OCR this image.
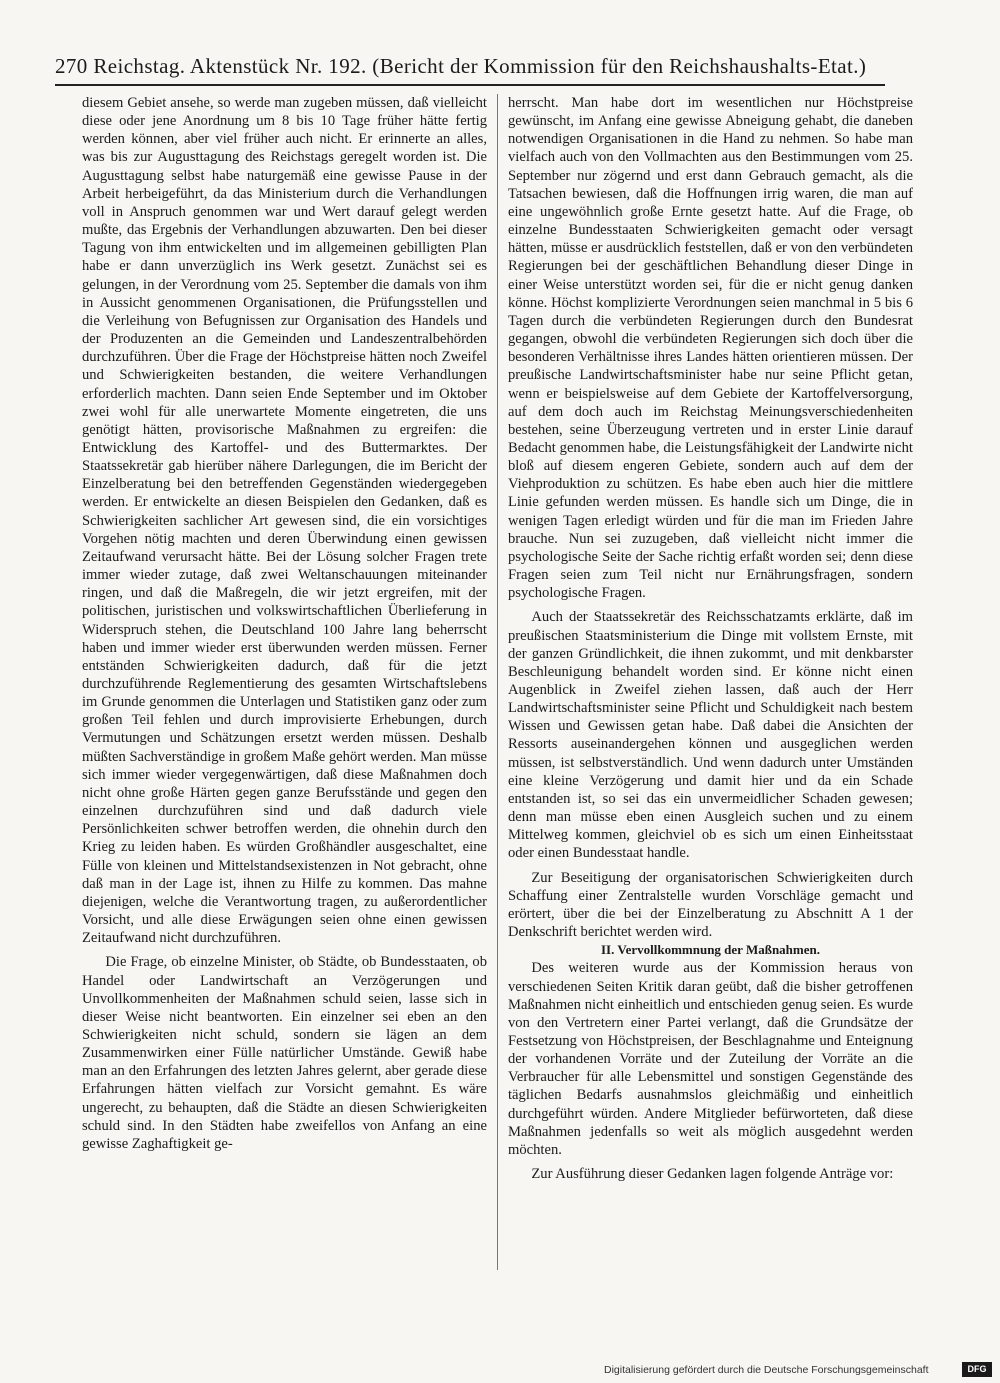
270 Reichstag. Aktenstück Nr. 192. (Bericht der Kommission für den Reichshaushalts-Etat.)

diesem Gebiet ansehe, so werde man zugeben müssen, daß vielleicht diese oder jene Anordnung um 8 bis 10 Tage früher hätte fertig werden können, aber viel früher auch nicht. Er erinnerte an alles, was bis zur Augusttagung des Reichstags geregelt worden ist. Die Augusttagung selbst habe naturgemäß eine gewisse Pause in der Arbeit herbeigeführt, da das Ministerium durch die Verhandlungen voll in Anspruch genommen war und Wert darauf gelegt werden mußte, das Ergebnis der Verhandlungen abzuwarten. Den bei dieser Tagung von ihm entwickelten und im allgemeinen gebilligten Plan habe er dann unverzüglich ins Werk gesetzt. Zunächst sei es gelungen, in der Verordnung vom 25. September die damals von ihm in Aussicht genommenen Organisationen, die Prüfungsstellen und die Verleihung von Befugnissen zur Organisation des Handels und der Produzenten an die Gemeinden und Landeszentralbehörden durchzuführen. Über die Frage der Höchstpreise hätten noch Zweifel und Schwierigkeiten bestanden, die weitere Verhandlungen erforderlich machten. Dann seien Ende September und im Oktober zwei wohl für alle unerwartete Momente eingetreten, die uns genötigt hätten, provisorische Maßnahmen zu ergreifen: die Entwicklung des Kartoffel- und des Buttermarktes. Der Staatssekretär gab hierüber nähere Darlegungen, die im Bericht der Einzelberatung bei den betreffenden Gegenständen wiedergegeben werden. Er entwickelte an diesen Beispielen den Gedanken, daß es Schwierigkeiten sachlicher Art gewesen sind, die ein vorsichtiges Vorgehen nötig machten und deren Überwindung einen gewissen Zeitaufwand verursacht hätte. Bei der Lösung solcher Fragen trete immer wieder zutage, daß zwei Weltanschauungen miteinander ringen, und daß die Maßregeln, die wir jetzt ergreifen, mit der politischen, juristischen und volkswirtschaftlichen Überlieferung in Widerspruch stehen, die Deutschland 100 Jahre lang beherrscht haben und immer wieder erst überwunden werden müssen. Ferner entständen Schwierigkeiten dadurch, daß für die jetzt durchzuführende Reglementierung des gesamten Wirtschaftslebens im Grunde genommen die Unterlagen und Statistiken ganz oder zum großen Teil fehlen und durch improvisierte Erhebungen, durch Vermutungen und Schätzungen ersetzt werden müssen. Deshalb müßten Sachverständige in großem Maße gehört werden. Man müsse sich immer wieder vergegenwärtigen, daß diese Maßnahmen doch nicht ohne große Härten gegen ganze Berufsstände und gegen den einzelnen durchzuführen sind und daß dadurch viele Persönlichkeiten schwer betroffen werden, die ohnehin durch den Krieg zu leiden haben. Es würden Großhändler ausgeschaltet, eine Fülle von kleinen und Mittelstandsexistenzen in Not gebracht, ohne daß man in der Lage ist, ihnen zu Hilfe zu kommen. Das mahne diejenigen, welche die Verantwortung tragen, zu außerordentlicher Vorsicht, und alle diese Erwägungen seien ohne einen gewissen Zeitaufwand nicht durchzuführen.

Die Frage, ob einzelne Minister, ob Städte, ob Bundesstaaten, ob Handel oder Landwirtschaft an Verzögerungen und Unvollkommenheiten der Maßnahmen schuld seien, lasse sich in dieser Weise nicht beantworten. Ein einzelner sei eben an den Schwierigkeiten nicht schuld, sondern sie lägen an dem Zusammenwirken einer Fülle natürlicher Umstände. Gewiß habe man an den Erfahrungen des letzten Jahres gelernt, aber gerade diese Erfahrungen hätten vielfach zur Vorsicht gemahnt. Es wäre ungerecht, zu behaupten, daß die Städte an diesen Schwierigkeiten schuld sind. In den Städten habe zweifellos von Anfang an eine gewisse Zaghaftigkeit ge-

herrscht. Man habe dort im wesentlichen nur Höchstpreise gewünscht, im Anfang eine gewisse Abneigung gehabt, die daneben notwendigen Organisationen in die Hand zu nehmen. So habe man vielfach auch von den Vollmachten aus den Bestimmungen vom 25. September nur zögernd und erst dann Gebrauch gemacht, als die Tatsachen bewiesen, daß die Hoffnungen irrig waren, die man auf eine ungewöhnlich große Ernte gesetzt hatte. Auf die Frage, ob einzelne Bundesstaaten Schwierigkeiten gemacht oder versagt hätten, müsse er ausdrücklich feststellen, daß er von den verbündeten Regierungen bei der geschäftlichen Behandlung dieser Dinge in einer Weise unterstützt worden sei, für die er nicht genug danken könne. Höchst komplizierte Verordnungen seien manchmal in 5 bis 6 Tagen durch die verbündeten Regierungen durch den Bundesrat gegangen, obwohl die verbündeten Regierungen sich doch über die besonderen Verhältnisse ihres Landes hätten orientieren müssen. Der preußische Landwirtschaftsminister habe nur seine Pflicht getan, wenn er beispielsweise auf dem Gebiete der Kartoffelversorgung, auf dem doch auch im Reichstag Meinungsverschiedenheiten bestehen, seine Überzeugung vertreten und in erster Linie darauf Bedacht genommen habe, die Leistungsfähigkeit der Landwirte nicht bloß auf diesem engeren Gebiete, sondern auch auf dem der Viehproduktion zu schützen. Es habe eben auch hier die mittlere Linie gefunden werden müssen. Es handle sich um Dinge, die in wenigen Tagen erledigt würden und für die man im Frieden Jahre brauche. Nun sei zuzugeben, daß vielleicht nicht immer die psychologische Seite der Sache richtig erfaßt worden sei; denn diese Fragen seien zum Teil nicht nur Ernährungsfragen, sondern psychologische Fragen.

Auch der Staatssekretär des Reichsschatzamts erklärte, daß im preußischen Staatsministerium die Dinge mit vollstem Ernste, mit der ganzen Gründlichkeit, die ihnen zukommt, und mit denkbarster Beschleunigung behandelt worden sind. Er könne nicht einen Augenblick in Zweifel ziehen lassen, daß auch der Herr Landwirtschaftsminister seine Pflicht und Schuldigkeit nach bestem Wissen und Gewissen getan habe. Daß dabei die Ansichten der Ressorts auseinandergehen können und ausgeglichen werden müssen, ist selbstverständlich. Und wenn dadurch unter Umständen eine kleine Verzögerung und damit hier und da ein Schade entstanden ist, so sei das ein unvermeidlicher Schaden gewesen; denn man müsse eben einen Ausgleich suchen und zu einem Mittelweg kommen, gleichviel ob es sich um einen Einheitsstaat oder einen Bundesstaat handle.

Zur Beseitigung der organisatorischen Schwierigkeiten durch Schaffung einer Zentralstelle wurden Vorschläge gemacht und erörtert, über die bei der Einzelberatung zu Abschnitt A 1 der Denkschrift berichtet werden wird.

II. Vervollkommnung der Maßnahmen.

Des weiteren wurde aus der Kommission heraus von verschiedenen Seiten Kritik daran geübt, daß die bisher getroffenen Maßnahmen nicht einheitlich und entschieden genug seien. Es wurde von den Vertretern einer Partei verlangt, daß die Grundsätze der Festsetzung von Höchstpreisen, der Beschlagnahme und Enteignung der vorhandenen Vorräte und der Zuteilung der Vorräte an die Verbraucher für alle Lebensmittel und sonstigen Gegenstände des täglichen Bedarfs ausnahmslos gleichmäßig und einheitlich durchgeführt würden. Andere Mitglieder befürworteten, daß diese Maßnahmen jedenfalls so weit als möglich ausgedehnt werden möchten.

Zur Ausführung dieser Gedanken lagen folgende Anträge vor:

Digitalisierung gefördert durch die Deutsche Forschungsgemeinschaft	DFG
